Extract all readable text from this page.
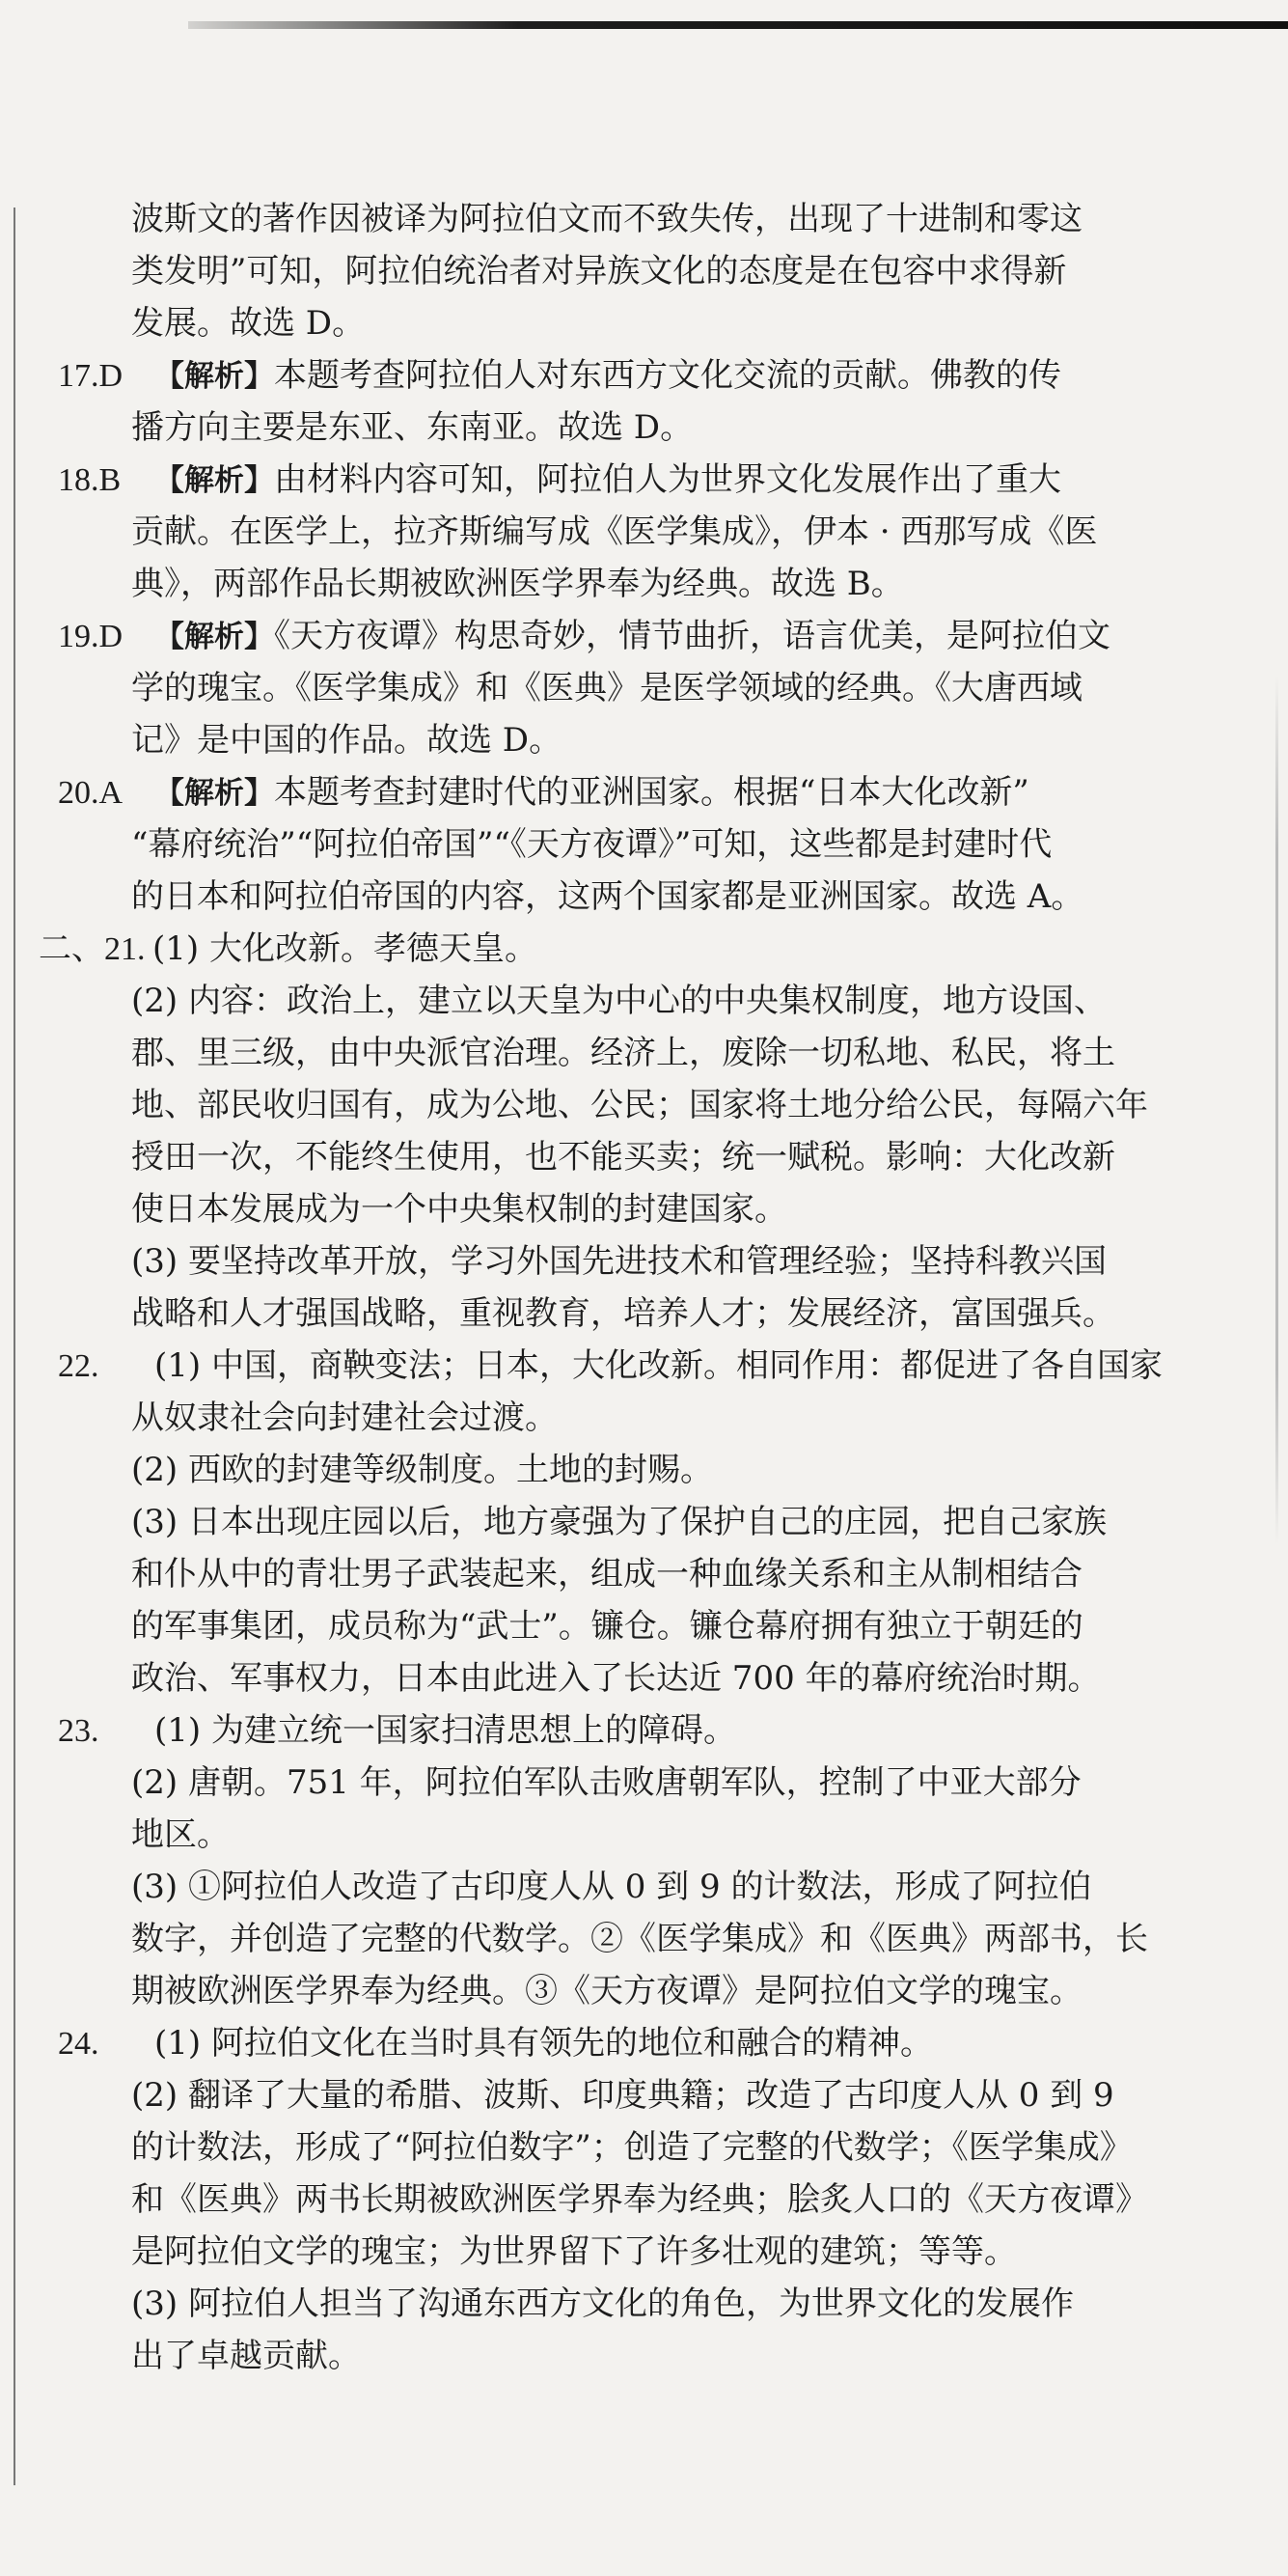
波斯文的著作因被译为阿拉伯文而不致失传，出现了十进制和零这
类发明”可知，阿拉伯统治者对异族文化的态度是在包容中求得新
发展。故选 D。
17.D 【解析】本题考查阿拉伯人对东西方文化交流的贡献。佛教的传
播方向主要是东亚、东南亚。故选 D。
18.B 【解析】由材料内容可知，阿拉伯人为世界文化发展作出了重大
贡献。在医学上，拉齐斯编写成《医学集成》，伊本 · 西那写成《医
典》，两部作品长期被欧洲医学界奉为经典。故选 B。
19.D 【解析】《天方夜谭》构思奇妙，情节曲折，语言优美，是阿拉伯文
学的瑰宝。《医学集成》和《医典》是医学领域的经典。《大唐西域
记》是中国的作品。故选 D。
20.A 【解析】本题考查封建时代的亚洲国家。根据“日本大化改新”
“幕府统治”“阿拉伯帝国”“《天方夜谭》”可知，这些都是封建时代
的日本和阿拉伯帝国的内容，这两个国家都是亚洲国家。故选 A。
二、21. (1) 大化改新。孝德天皇。
(2) 内容：政治上，建立以天皇为中心的中央集权制度，地方设国、
郡、里三级，由中央派官治理。经济上，废除一切私地、私民，将土
地、部民收归国有，成为公地、公民；国家将土地分给公民，每隔六年
授田一次，不能终生使用，也不能买卖；统一赋税。影响：大化改新
使日本发展成为一个中央集权制的封建国家。
(3) 要坚持改革开放，学习外国先进技术和管理经验；坚持科教兴国
战略和人才强国战略，重视教育，培养人才；发展经济，富国强兵。
22. (1) 中国，商鞅变法；日本，大化改新。相同作用：都促进了各自国家
从奴隶社会向封建社会过渡。
(2) 西欧的封建等级制度。土地的封赐。
(3) 日本出现庄园以后，地方豪强为了保护自己的庄园，把自己家族
和仆从中的青壮男子武装起来，组成一种血缘关系和主从制相结合
的军事集团，成员称为“武士”。镰仓。镰仓幕府拥有独立于朝廷的
政治、军事权力，日本由此进入了长达近 700 年的幕府统治时期。
23. (1) 为建立统一国家扫清思想上的障碍。
(2) 唐朝。751 年，阿拉伯军队击败唐朝军队，控制了中亚大部分
地区。
(3) ①阿拉伯人改造了古印度人从 0 到 9 的计数法，形成了阿拉伯
数字，并创造了完整的代数学。②《医学集成》和《医典》两部书，长
期被欧洲医学界奉为经典。③《天方夜谭》是阿拉伯文学的瑰宝。
24. (1) 阿拉伯文化在当时具有领先的地位和融合的精神。
(2) 翻译了大量的希腊、波斯、印度典籍；改造了古印度人从 0 到 9
的计数法，形成了“阿拉伯数字”；创造了完整的代数学；《医学集成》
和《医典》两书长期被欧洲医学界奉为经典；脍炙人口的《天方夜谭》
是阿拉伯文学的瑰宝；为世界留下了许多壮观的建筑；等等。
(3) 阿拉伯人担当了沟通东西方文化的角色，为世界文化的发展作
出了卓越贡献。
